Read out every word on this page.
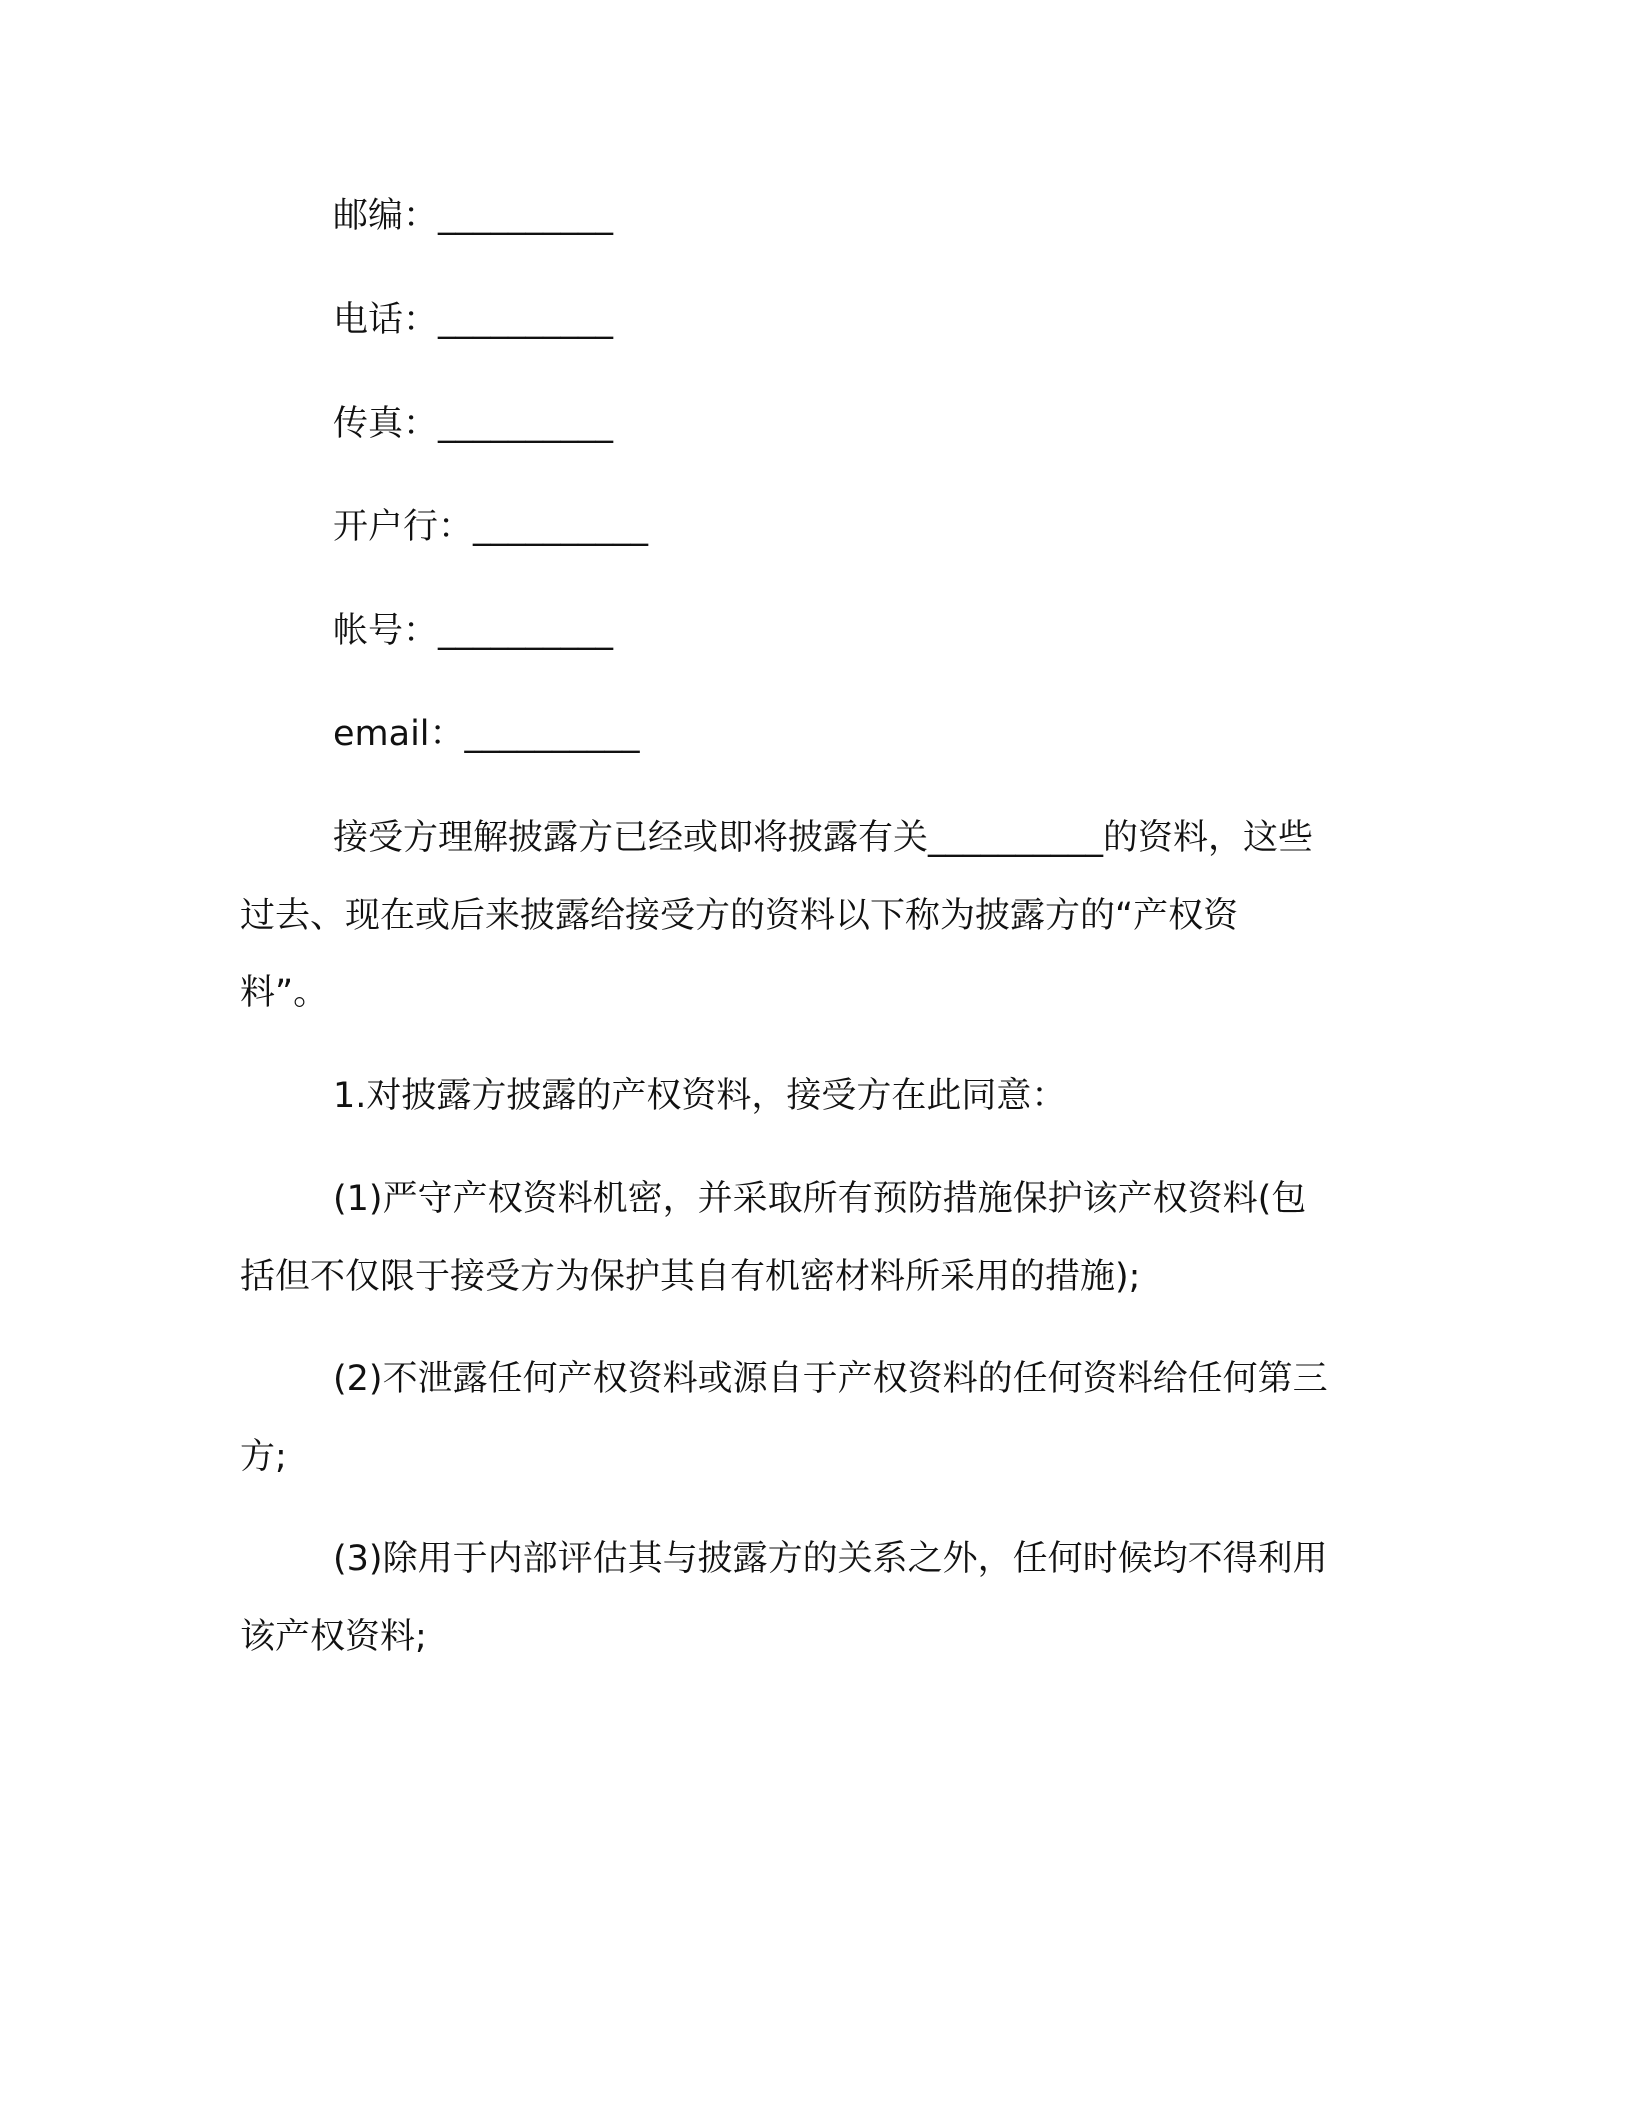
邮编：__________
电话：__________
传真：__________
开户行：__________
帐号：__________
email：__________
接受方理解披露方已经或即将披露有关__________的资料，这些
过去、现在或后来披露给接受方的资料以下称为披露方的“产权资
料”。
1.对披露方披露的产权资料，接受方在此同意：
(1)严守产权资料机密，并采取所有预防措施保护该产权资料(包
括但不仅限于接受方为保护其自有机密材料所采用的措施);
(2)不泄露任何产权资料或源自于产权资料的任何资料给任何第三
方;
(3)除用于内部评估其与披露方的关系之外，任何时候均不得利用
该产权资料;
